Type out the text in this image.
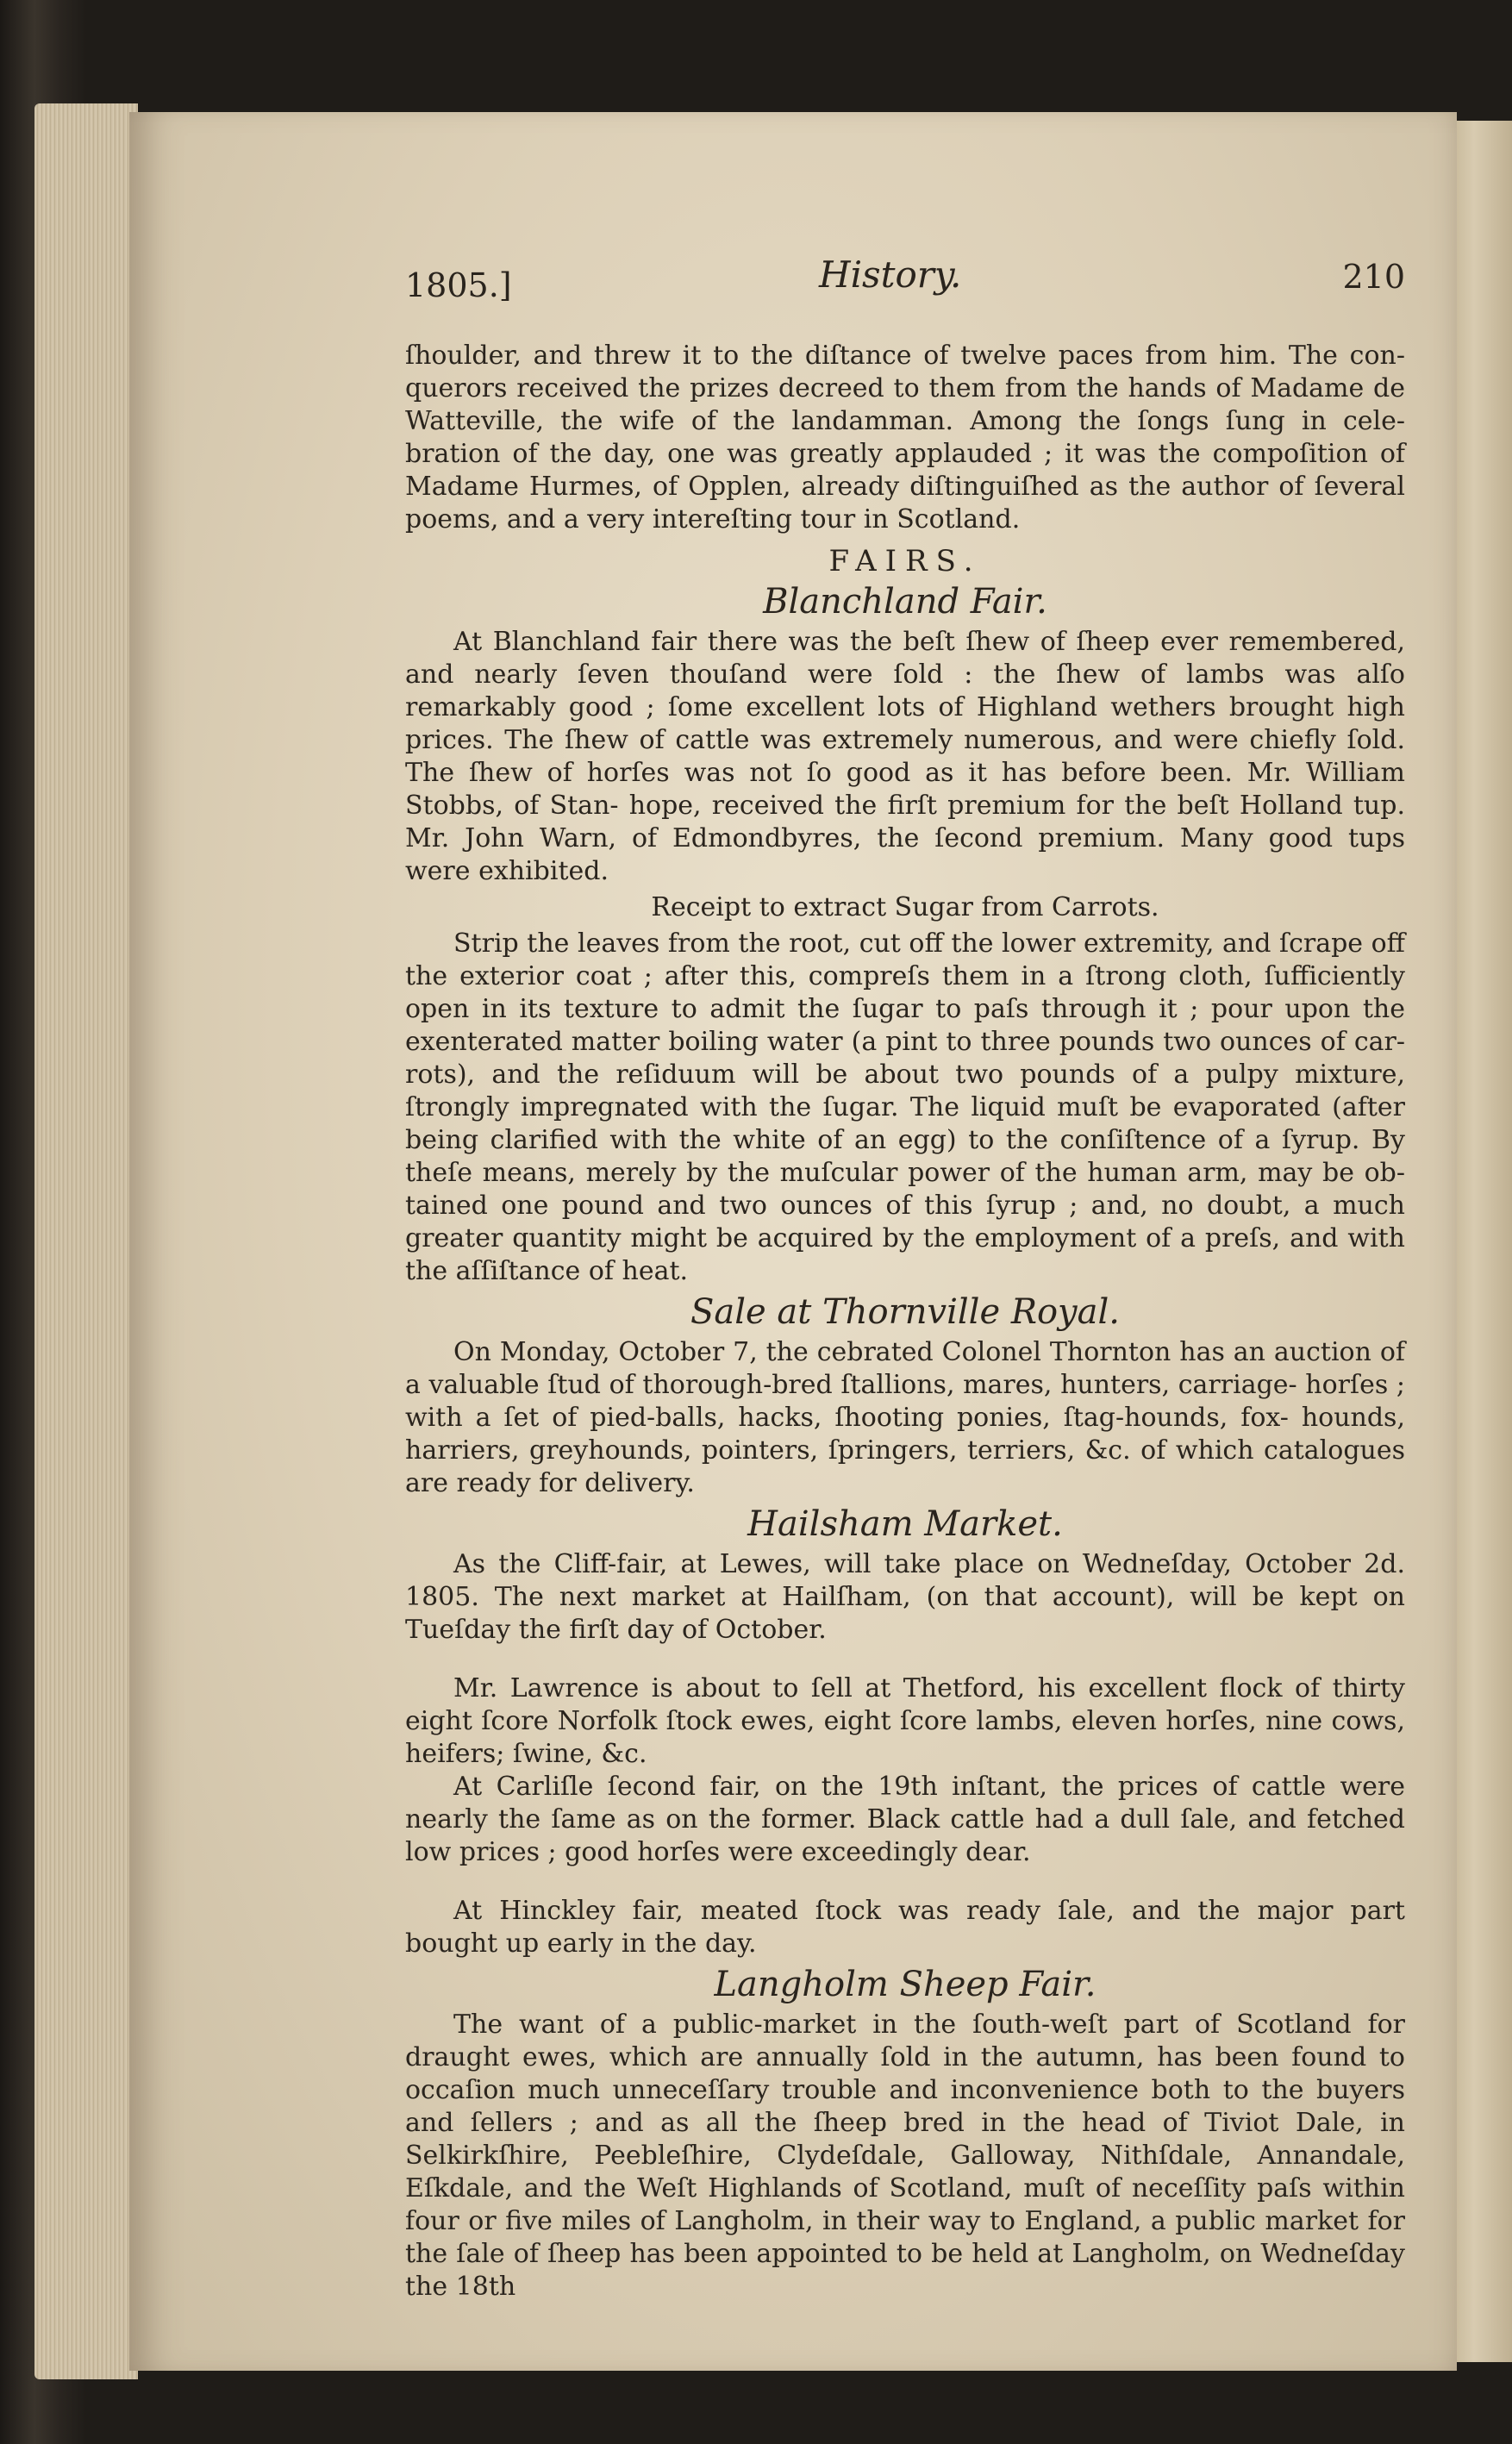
1805.]	History.	210

ſhoulder, and threw it to the diſtance of twelve paces from him. The con- querors received the prizes decreed to them from the hands of Madame de Watteville, the wife of the landamman. Among the ſongs ſung in cele- bration of the day, one was greatly applauded ; it was the compoſition of Madame Hurmes, of Opplen, already diſtinguiſhed as the author of ſeveral poems, and a very intereſting tour in Scotland.

FAIRS.
Blanchland Fair.

At Blanchland fair there was the beſt ſhew of ſheep ever remembered, and nearly ſeven thouſand were ſold : the ſhew of lambs was alſo remarkably good ; ſome excellent lots of Highland wethers brought high prices. The ſhew of cattle was extremely numerous, and were chiefly ſold. The ſhew of horſes was not ſo good as it has before been. Mr. William Stobbs, of Stan- hope, received the firſt premium for the beſt Holland tup. Mr. John Warn, of Edmondbyres, the ſecond premium. Many good tups were exhibited.

Receipt to extract Sugar from Carrots.

Strip the leaves from the root, cut off the lower extremity, and ſcrape off the exterior coat ; after this, compreſs them in a ſtrong cloth, ſufficiently open in its texture to admit the ſugar to paſs through it ; pour upon the exenterated matter boiling water (a pint to three pounds two ounces of car- rots), and the reſiduum will be about two pounds of a pulpy mixture, ſtrongly impregnated with the ſugar. The liquid muſt be evaporated (after being clarified with the white of an egg) to the conſiſtence of a ſyrup. By theſe means, merely by the muſcular power of the human arm, may be ob- tained one pound and two ounces of this ſyrup ; and, no doubt, a much greater quantity might be acquired by the employment of a preſs, and with the aſſiſtance of heat.

Sale at Thornville Royal.

On Monday, October 7, the cebrated Colonel Thornton has an auction of a valuable ſtud of thorough-bred ſtallions, mares, hunters, carriage- horſes ; with a ſet of pied-balls, hacks, ſhooting ponies, ſtag-hounds, fox- hounds, harriers, greyhounds, pointers, ſpringers, terriers, &c. of which catalogues are ready for delivery.

Hailsham Market.

As the Cliff-fair, at Lewes, will take place on Wedneſday, October 2d. 1805. The next market at Hailſham, (on that account), will be kept on Tueſday the firſt day of October.

Mr. Lawrence is about to ſell at Thetford, his excellent flock of thirty eight ſcore Norfolk ſtock ewes, eight ſcore lambs, eleven horſes, nine cows, heifers; ſwine, &c.

At Carliſle ſecond fair, on the 19th inſtant, the prices of cattle were nearly the ſame as on the former. Black cattle had a dull ſale, and fetched low prices ; good horſes were exceedingly dear.

At Hinckley fair, meated ſtock was ready ſale, and the major part bought up early in the day.

Langholm Sheep Fair.

The want of a public-market in the ſouth-weſt part of Scotland for draught ewes, which are annually ſold in the autumn, has been found to occaſion much unneceſſary trouble and inconvenience both to the buyers and ſellers ; and as all the ſheep bred in the head of Tiviot Dale, in Selkirkſhire, Peebleſhire, Clydeſdale, Galloway, Nithſdale, Annandale, Eſkdale, and the Weſt Highlands of Scotland, muſt of neceſſity paſs within four or five miles of Langholm, in their way to England, a public market for the ſale of ſheep has been appointed to be held at Langholm, on Wedneſday the 18th
